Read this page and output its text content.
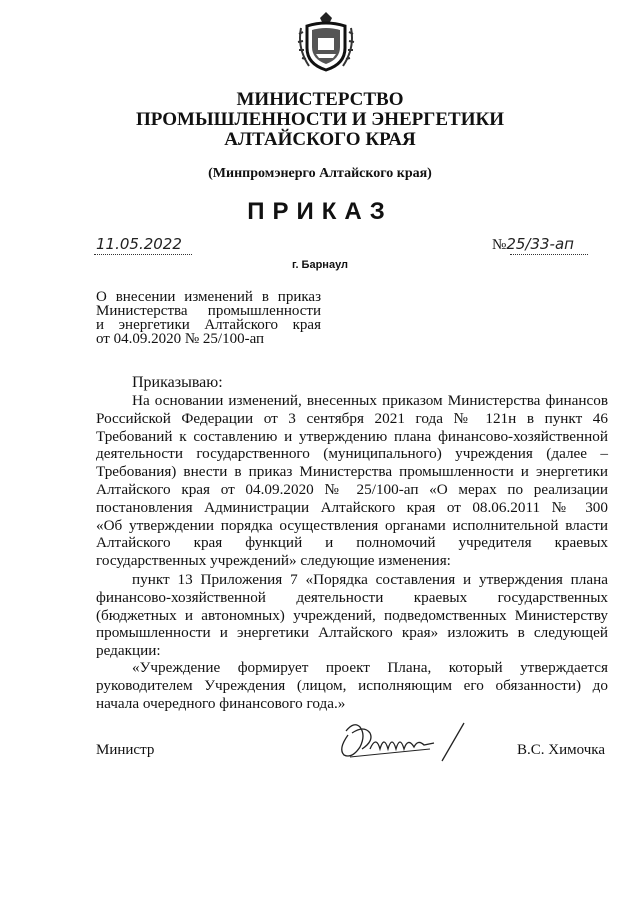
МИНИСТЕРСТВО
ПРОМЫШЛЕННОСТИ И ЭНЕРГЕТИКИ
АЛТАЙСКОГО КРАЯ
(Минпромэнерго Алтайского края)
ПРИКАЗ
11.05.2022	№25/33-ап
г. Барнаул
О внесении изменений в приказ
Министерства промышленности
и энергетики Алтайского края
от 04.09.2020 № 25/100-ап
Приказываю:
На основании изменений, внесенных приказом Министерства финансов
Российской Федерации от 3 сентября 2021 года № 121н в пункт 46
Требований к составлению и утверждению плана финансово-хозяйственной
деятельности государственного (муниципального) учреждения (далее –
Требования) внести в приказ Министерства промышленности и энергетики
Алтайского края от 04.09.2020 № 25/100-ап «О мерах по реализации
постановления Администрации Алтайского края от 08.06.2011 № 300
«Об утверждении порядка осуществления органами исполнительной власти
Алтайского края функций и полномочий учредителя краевых
государственных учреждений» следующие изменения:
пункт 13 Приложения 7 «Порядка составления и утверждения плана
финансово-хозяйственной деятельности краевых государственных
(бюджетных и автономных) учреждений, подведомственных Министерству
промышленности и энергетики Алтайского края» изложить в следующей
редакции:
«Учреждение формирует проект Плана, который утверждается
руководителем Учреждения (лицом, исполняющим его обязанности) до
начала очередного финансового года.»
Министр	В.С. Химочка
